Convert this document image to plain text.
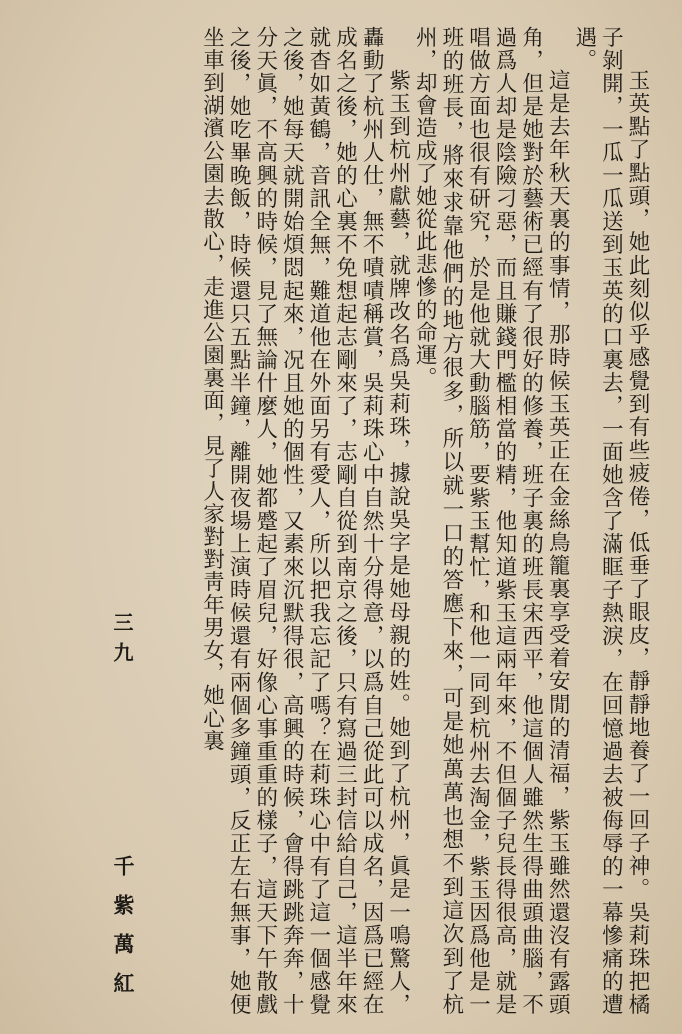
玉英點了點頭，她此刻似乎感覺到有些疲倦，低垂了眼皮，靜靜地養了一回子神。吳莉珠把橘子剝開，一瓜一瓜送到玉英的口裏去，一面她含了滿眶子熱淚，在回憶過去被侮辱的一幕慘痛的遭遇。

這是去年秋天裏的事情，那時候玉英正在金絲鳥籠裏享受着安閒的清福，紫玉雖然還沒有露頭角，但是她對於藝術已經有了很好的修養，班子裏的班長宋西平，他這個人雖然生得曲頭曲腦，不過爲人却是陰險刁惡，而且賺錢門檻相當的精，他知道紫玉這兩年來，不但個子兒長得很高，就是唱做方面也很有研究，於是他就大動腦筋，要紫玉幫忙，和他一同到杭州去淘金，紫玉因爲他是一班的班長，將來求靠他們的地方很多，所以就一口的答應下來，可是她萬萬也想不到這次到了杭州，却會造成了她從此悲慘的命運。

紫玉到杭州獻藝，就牌改名爲吳莉珠，據說吳字是她母親的姓。她到了杭州，眞是一鳴驚人，轟動了杭州人仕，無不嘖嘖稱賞，吳莉珠心中自然十分得意，以爲自己從此可以成名，因爲已經在成名之後，她的心裏不免想起志剛來了，志剛自從到南京之後，只有寫過三封信給自己，這半年來就杳如黃鶴，音訊全無，難道他在外面另有愛人，所以把我忘記了嗎？在莉珠心中有了這一個感覺之後，她每天就開始煩悶起來，况且她的個性，又素來沉默得很，高興的時候，會得跳跳奔奔，十分天眞，不高興的時候，見了無論什麼人，她都蹙起了眉兒，好像心事重重的樣子，這天下午散戲之後，她吃畢晚飯，時候還只五點半鐘，離開夜場上演時候還有兩個多鐘頭，反正左右無事，她便坐車到湖濱公園去散心，走進公園裏面，見了人家對對靑年男女，她心裏

三九
千紫萬紅
